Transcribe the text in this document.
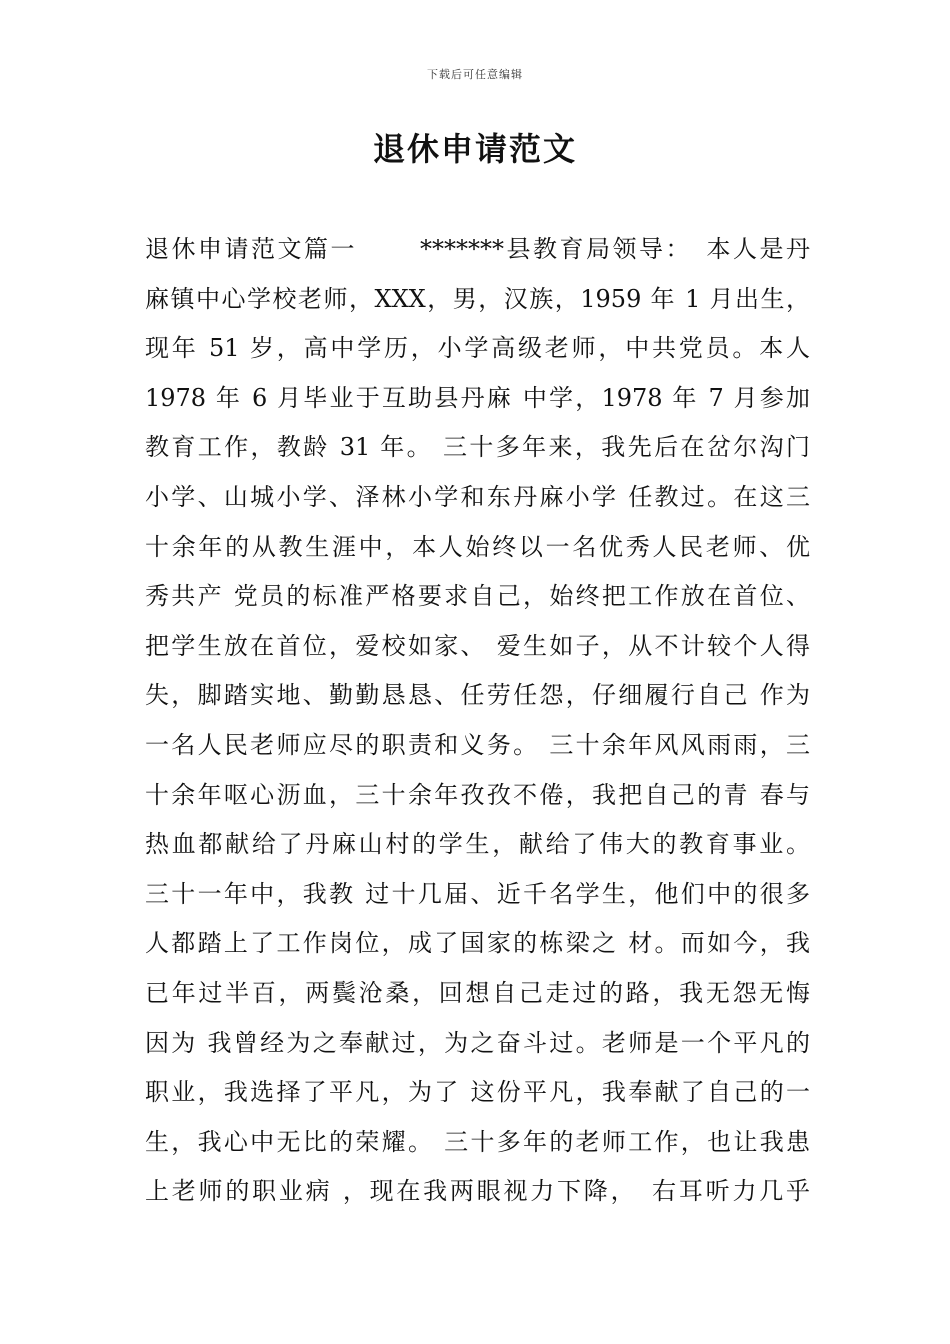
下载后可任意编辑
退休申请范文
退休申请范文篇一　　 *******县教育局领导：　本人是丹
麻镇中心学校老师，XXX，男，汉族，1959 年 1 月出生，
现年 51 岁，高中学历，小学高级老师，中共党员。本人
1978 年 6 月毕业于互助县丹麻 中学，1978 年 7 月参加
教育工作，教龄 31 年。 三十多年来，我先后在岔尔沟门
小学、山城小学、泽林小学和东丹麻小学 任教过。在这三
十余年的从教生涯中，本人始终以一名优秀人民老师、优
秀共产 党员的标准严格要求自己，始终把工作放在首位、
把学生放在首位，爱校如家、 爱生如子，从不计较个人得
失，脚踏实地、勤勤恳恳、任劳任怨，仔细履行自己 作为
一名人民老师应尽的职责和义务。 三十余年风风雨雨，三
十余年呕心沥血，三十余年孜孜不倦，我把自己的青 春与
热血都献给了丹麻山村的学生，献给了伟大的教育事业。
三十一年中，我教 过十几届、近千名学生，他们中的很多
人都踏上了工作岗位，成了国家的栋梁之 材。而如今，我
已年过半百，两鬓沧桑，回想自己走过的路，我无怨无悔
因为 我曾经为之奉献过，为之奋斗过。老师是一个平凡的
职业，我选择了平凡，为了 这份平凡，我奉献了自己的一
生，我心中无比的荣耀。 三十多年的老师工作，也让我患
上老师的职业病 ，现在我两眼视力下降，　右耳听力几乎
